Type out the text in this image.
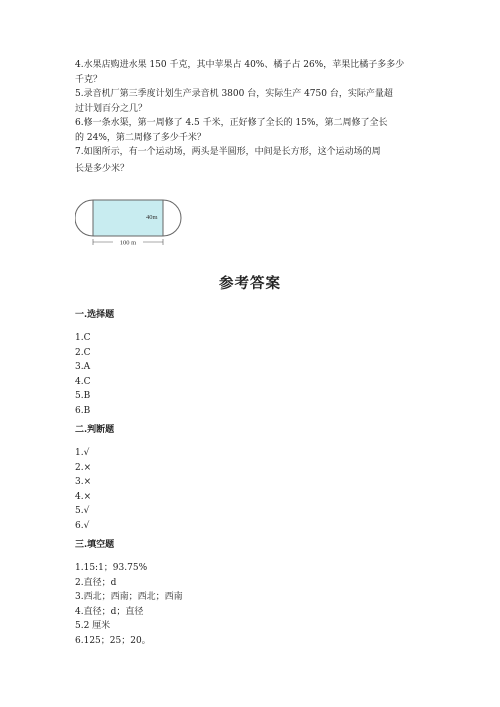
4.水果店购进水果 150 千克，其中苹果占 40%、橘子占 26%，苹果比橘子多多少

千克？

5.录音机厂第三季度计划生产录音机 3800 台，实际生产 4750 台，实际产量超

过计划百分之几？

6.修一条水渠，第一周修了 4.5 千米，正好修了全长的 15%，第二周修了全长

的 24%，第二周修了多少千米？

7.如图所示，有一个运动场，两头是半圆形，中间是长方形，这个运动场的周

长是多少米？

40m
100 m
参考答案

一.选择题

1.C

2.C

3.A

4.C

5.B

6.B

二.判断题

1.√

2.×

3.×

4.×

5.√

6.√

三.填空题

1.15:1；93.75%

2.直径；d

3.西北；西南；西北；西南

4.直径；d；直径

5.2 厘米

6.125；25；20。
